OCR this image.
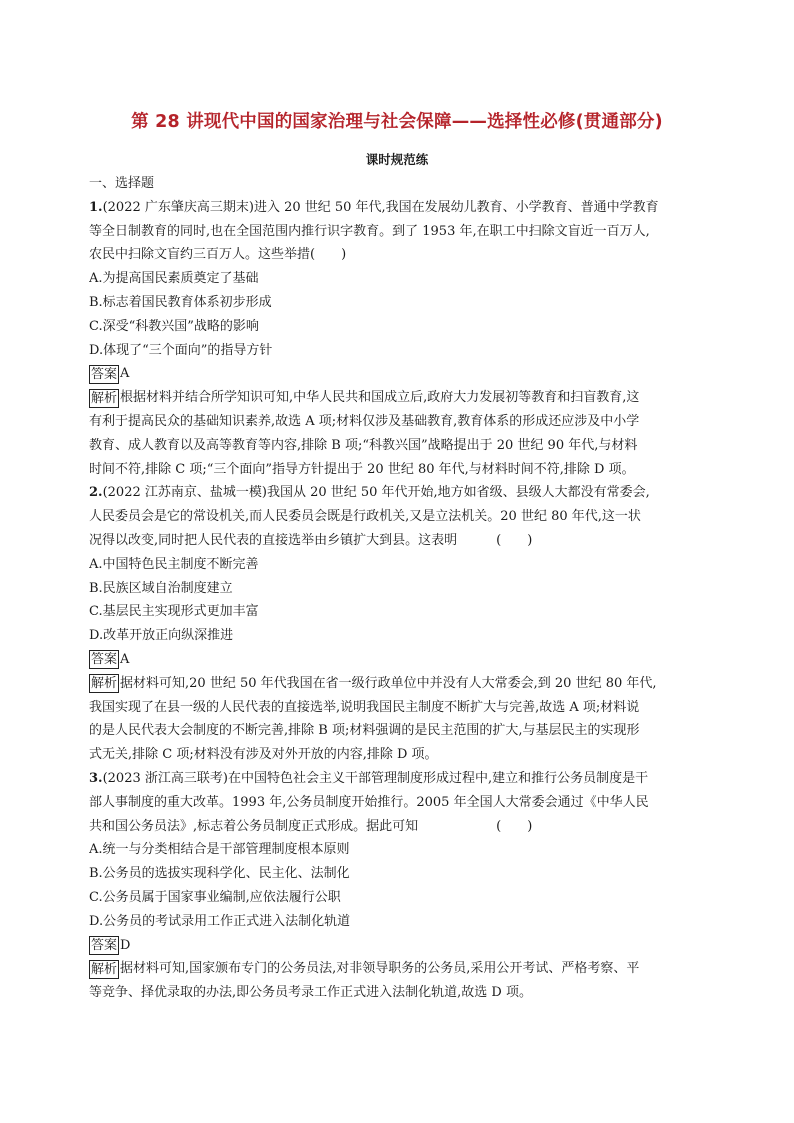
第 28 讲现代中国的国家治理与社会保障——选择性必修(贯通部分)
课时规范练
一、选择题
1.(2022 广东肇庆高三期末)进入 20 世纪 50 年代,我国在发展幼儿教育、小学教育、普通中学教育
等全日制教育的同时,也在全国范围内推行识字教育。到了 1953 年,在职工中扫除文盲近一百万人,
农民中扫除文盲约三百万人。这些举措(　　)
A.为提高国民素质奠定了基础
B.标志着国民教育体系初步形成
C.深受“科教兴国”战略的影响
D.体现了“三个面向”的指导方针
答案 A
解析 根据材料并结合所学知识可知,中华人民共和国成立后,政府大力发展初等教育和扫盲教育,这
有利于提高民众的基础知识素养,故选 A 项;材料仅涉及基础教育,教育体系的形成还应涉及中小学
教育、成人教育以及高等教育等内容,排除 B 项;“科教兴国”战略提出于 20 世纪 90 年代,与材料
时间不符,排除 C 项;“三个面向”指导方针提出于 20 世纪 80 年代,与材料时间不符,排除 D 项。
2.(2022 江苏南京、盐城一模)我国从 20 世纪 50 年代开始,地方如省级、县级人大都没有常委会,
人民委员会是它的常设机关,而人民委员会既是行政机关,又是立法机关。20 世纪 80 年代,这一状
况得以改变,同时把人民代表的直接选举由乡镇扩大到县。这表明　　　(　　)
A.中国特色民主制度不断完善
B.民族区域自治制度建立
C.基层民主实现形式更加丰富
D.改革开放正向纵深推进
答案 A
解析 据材料可知,20 世纪 50 年代我国在省一级行政单位中并没有人大常委会,到 20 世纪 80 年代,
我国实现了在县一级的人民代表的直接选举,说明我国民主制度不断扩大与完善,故选 A 项;材料说
的是人民代表大会制度的不断完善,排除 B 项;材料强调的是民主范围的扩大,与基层民主的实现形
式无关,排除 C 项;材料没有涉及对外开放的内容,排除 D 项。
3.(2023 浙江高三联考)在中国特色社会主义干部管理制度形成过程中,建立和推行公务员制度是干
部人事制度的重大改革。1993 年,公务员制度开始推行。2005 年全国人大常委会通过《中华人民
共和国公务员法》,标志着公务员制度正式形成。据此可知　　　　　　(　　)
A.统一与分类相结合是干部管理制度根本原则
B.公务员的选拔实现科学化、民主化、法制化
C.公务员属于国家事业编制,应依法履行公职
D.公务员的考试录用工作正式进入法制化轨道
答案 D
解析 据材料可知,国家颁布专门的公务员法,对非领导职务的公务员,采用公开考试、严格考察、平
等竞争、择优录取的办法,即公务员考录工作正式进入法制化轨道,故选 D 项。
